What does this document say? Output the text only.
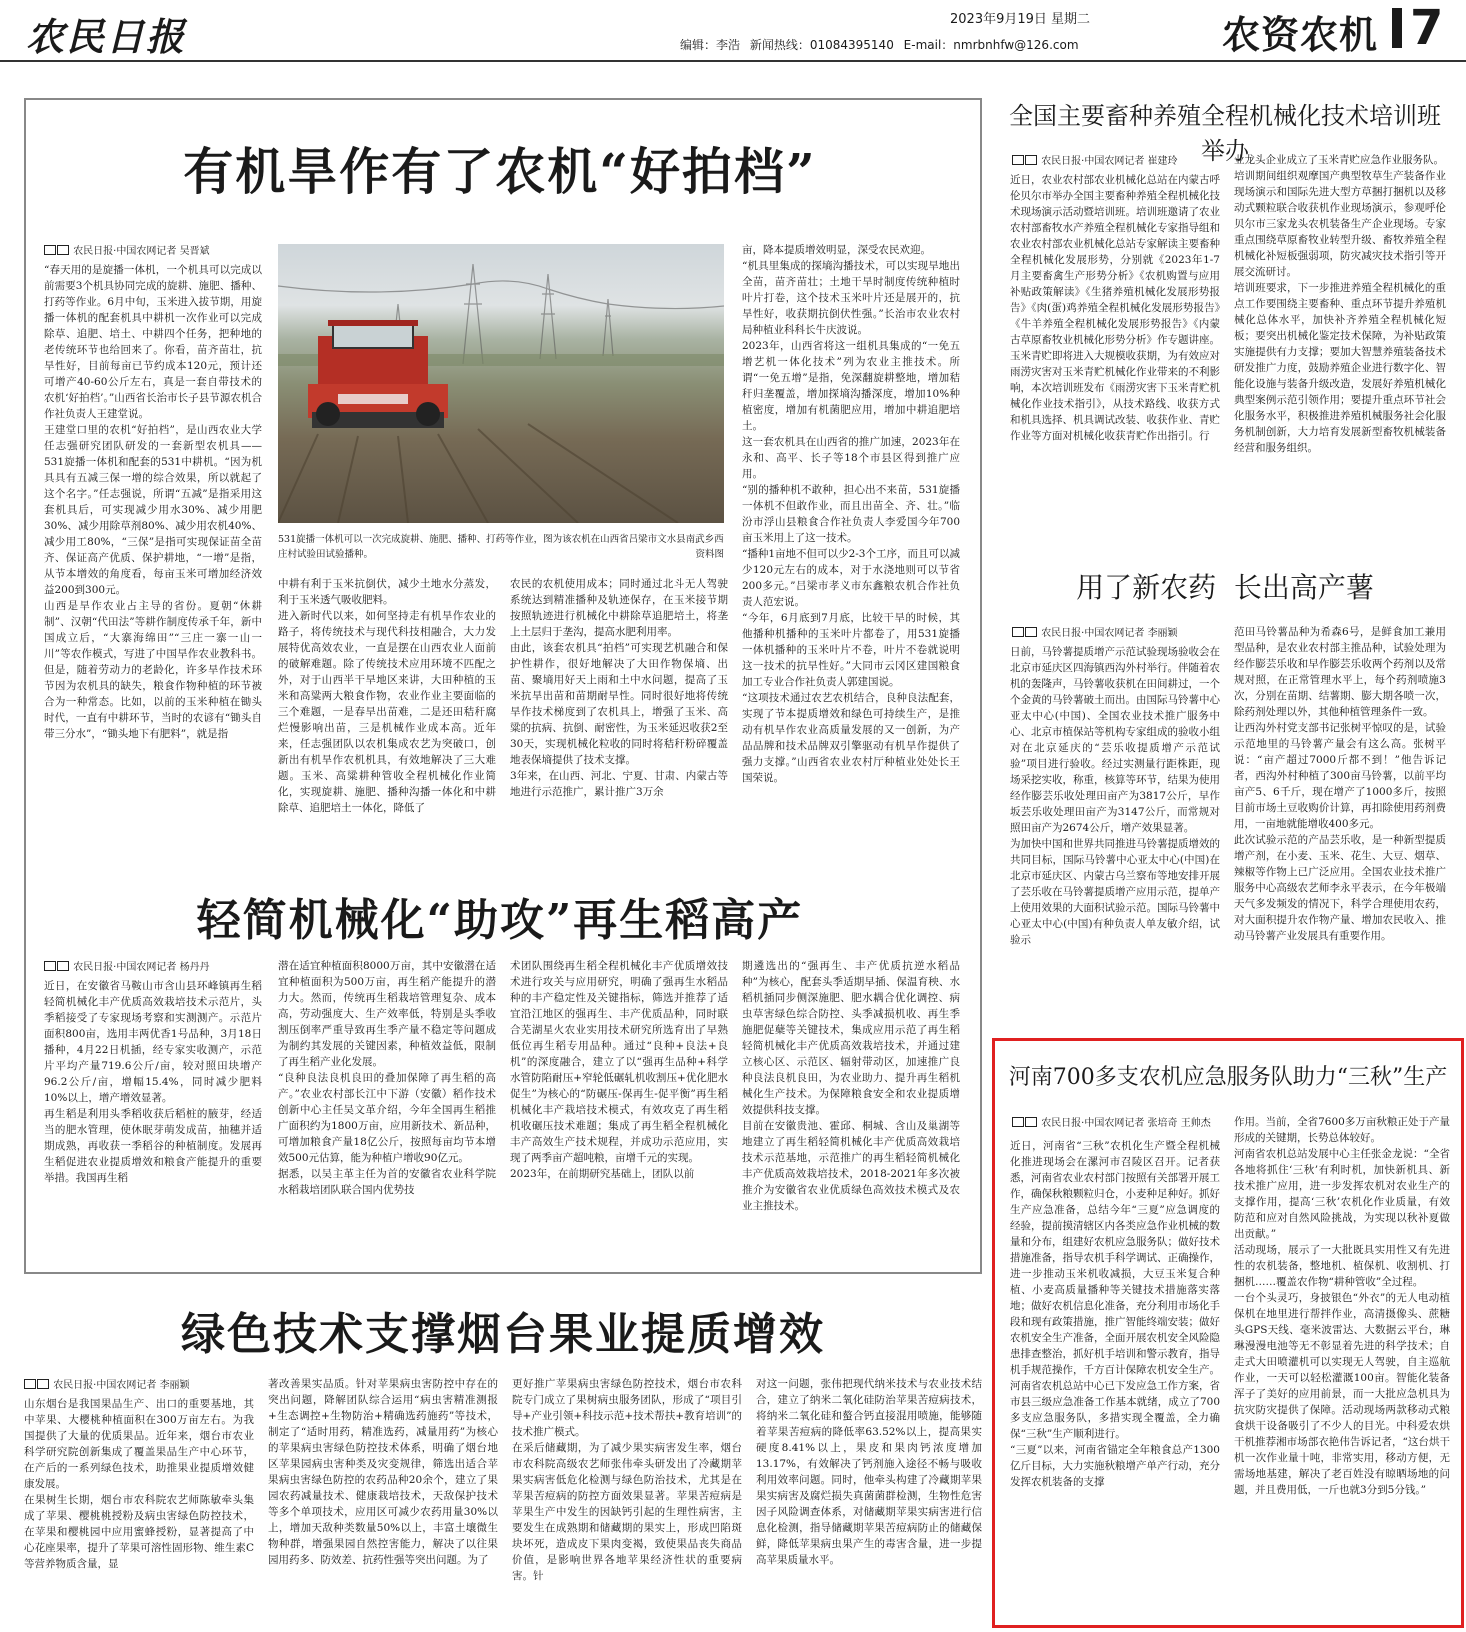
农民日报	2023年9月19日 星期二
编辑：李浩 新闻热线：01084395140 E-mail：nmrbnhfw@126.com	农资农机 7
有机旱作有了农机“好拍档”
农民日报·中国农网记者 吴晋斌
“春天用的是旋播一体机，一个机具可以完成以前需要3个机具协同完成的旋耕、施肥、播种、打药等作业。6月中旬，玉米进入拔节期，用旋播一体机的配套机具中耕机一次作业可以完成除草、追肥、培土、中耕四个任务，把种地的老传统环节也给回来了。你看，苗齐苗壮，抗旱性好，目前每亩已节约成本120元，预计还可增产40-60公斤左右，真是一套自带技术的农机‘好拍档’。”山西省长治市长子县节源农机合作社负责人王建堂说。
王建堂口里的农机“好拍档”，是山西农业大学任志强研究团队研发的一套新型农机具——531旋播一体机和配套的531中耕机。“因为机具具有五减三保一增的综合效果，所以就起了这个名字。”任志强说，所谓“五减”是指采用这套机具后，可实现减少用水30%、减少用肥30%、减少用除草剂80%、减少用农机40%、减少用工80%，“三保”是指可实现保证苗全苗齐、保证高产优质、保护耕地，“一增”是指，从节本增效的角度看，每亩玉米可增加经济效益200到300元。
山西是旱作农业占主导的省份。夏朝“休耕制”、汉朝“代田法”等耕作制度传承千年，新中国成立后，“大寨海绵田”“三庄一寨一山一川”等农作模式，写进了中国旱作农业教科书。但是，随着劳动力的老龄化，许多旱作技术环节因为农机具的缺失，粮食作物种植的环节被合为一种常态。比如，以前的玉米种植在锄头时代，一直有中耕环节，当时的农谚有“锄头自带三分水”，“锄头地下有肥料”，就是指
531旋播一体机可以一次完成旋耕、施肥、播种、打药等作业，图为该农机在山西省吕梁市文水县南武乡西庄村试验田试验播种。	资料图
中耕有利于玉米抗倒伏，减少土地水分蒸发，利于玉米透气吸收肥料。
进入新时代以来，如何坚持走有机旱作农业的路子，将传统技术与现代科技相融合，大力发展特优高效农业，一直是摆在山西农业人面前的破解难题。除了传统技术应用环境不匹配之外，对于山西半干旱地区来讲，大田种植的玉米和高粱两大粮食作物，农业作业主要面临的三个难题，一是春旱出苗难，二是还田秸秆腐烂慢影响出苗，三是机械作业成本高。近年来，任志强团队以农机集成农艺为突破口，创新出有机旱作农机机具，有效地解决了三大难题。玉米、高粱耕种管收全程机械化作业简化，实现旋耕、施肥、播种沟播一体化和中耕除草、追肥培土一体化，降低了
农民的农机使用成本；同时通过北斗无人驾驶系统达到精准播种及轨迹保存，在玉米接节期按照轨迹进行机械化中耕除草追肥培土，将垄上土层归于垄沟，提高水肥利用率。
由此，该套农机具“拍档”可实现艺机融合和保护性耕作，很好地解决了大田作物保墒、出苗、聚墒用好天上雨和土中水问题，提高了玉米抗旱出苗和苗期耐旱性。同时很好地将传统旱作技术梯度到了农机具上，增强了玉米、高粱的抗病、抗倒、耐密性，为玉米延迟收获2至30天，实现机械化粒收的同时将秸秆粉碎覆盖地表保墒提供了技术支撑。
3年来，在山西、河北、宁夏、甘肃、内蒙古等地进行示范推广，累计推广3万余
亩，降本提质增效明显，深受农民欢迎。
“机具里集成的探墒沟播技术，可以实现旱地出全苗，苗齐苗壮；土地干旱时制度传统种植时叶片打卷，这个技术玉米叶片还是展开的，抗旱性好，收获期抗倒伏性强。”长治市农业农村局种植业科科长牛庆波说。
2023年，山西省将这一组机具集成的“一免五增艺机一体化技术”列为农业主推技术。所谓“一免五增”是指，免深翻旋耕整地，增加秸秆归垄覆盖，增加探墒沟播深度，增加10%种植密度，增加有机菌肥应用，增加中耕追肥培土。
这一套农机具在山西省的推广加速，2023年在永和、高平、长子等18个市县区得到推广应用。
“别的播种机不敢种，担心出不来苗，531旋播一体机不但敢作业，而且出苗全、齐、壮。”临汾市浮山县粮食合作社负责人李爱国今年700亩玉米用上了这一技术。
“播种1亩地不但可以少2-3个工序，而且可以减少120元左右的成本，对于水浇地则可以节省200多元。”吕梁市孝义市东鑫粮农机合作社负责人范宏说。
“今年，6月底到7月底，比较干旱的时候，其他播种机播种的玉米叶片都卷了，用531旋播一体机播种的玉米叶片不卷，叶片不卷就说明这一技术的抗旱性好。”大同市云冈区建国粮食加工专业合作社负责人郭建国说。
“这项技术通过农艺农机结合，良种良法配套，实现了节本提质增效和绿色可持续生产，是推动有机旱作农业高质量发展的又一创新，为产品品牌和技术品牌双引擎驱动有机旱作提供了强力支撑。”山西省农业农村厅种植业处处长王国荣说。
轻简机械化“助攻”再生稻高产
农民日报·中国农网记者 杨丹丹
近日，在安徽省马鞍山市含山县环峰镇再生稻轻简机械化丰产优质高效栽培技术示范片，头季稻接受了专家现场考察和实测测产。示范片面积800亩，选用丰两优香1号品种，3月18日播种，4月22日机插，经专家实收测产，示范片平均产量719.6公斤/亩，较对照田块增产96.2公斤/亩，增幅15.4%，同时减少肥料10%以上，增产增效显著。
再生稻是利用头季稻收获后稻桩的腋芽，经适当的肥水管理，使休眠芽萌发成苗，抽穗并适期成熟，再收获一季稻谷的种植制度。发展再生稻促进农业提质增效和粮食产能提升的重要举措。我国再生稻
潜在适宜种植面积8000万亩，其中安徽潜在适宜种植面积为500万亩，再生稻产能提升的潜力大。然而，传统再生稻栽培管理复杂、成本高，劳动强度大、生产效率低，特别是头季收割压倒率严重导致再生季产量不稳定等问题成为制约其发展的关键因素，种植效益低，限制了再生稻产业化发展。
“良种良法良机良田的叠加保障了再生稻的高产。”农业农村部长江中下游（安徽）稻作技术创新中心主任吴文革介绍，今年全国再生稻推广面积约为1800万亩，应用新技术、新品种，可增加粮食产量18亿公斤，按照每亩均节本增效500元估算，能为种植户增收90亿元。
据悉，以吴主革主任为首的安徽省农业科学院水稻栽培团队联合国内优势技
术团队围绕再生稻全程机械化丰产优质增效技术进行攻关与应用研究，明确了强再生水稻品种的丰产稳定性及关键指标，筛选并推荐了适宜沿江地区的强再生、丰产优质品种，同时联合芜湖星火农业实用技术研究所选育出了早熟低位再生稻专用品种。通过“良种+良法+良机”的深度融合，建立了以“强再生品种+科学水管防陷耐压+窄轮低碾轧机收割压+优化肥水促生”为核心的“防碾压-保再生-促平衡”再生稻机械化丰产栽培技术模式，有效攻克了再生稻机收碾压技术难题；集成了再生稻全程机械化丰产高效生产技术规程，并成功示范应用，实现了两季亩产超吨粮，亩增千元的实现。
2023年，在前期研究基础上，团队以前
期遴选出的“强再生、丰产优质抗逆水稻品种”为核心，配套头季适期早插、保温育秧、水稻机插同步侧深施肥、肥水耦合优化调控、病虫草害绿色综合防控、头季减损机收、再生季施肥促蘖等关键技术，集成应用示范了再生稻轻简机械化丰产优质高效栽培技术，并通过建立核心区、示范区、辐射带动区，加速推广良种良法良机良田，为农业助力、提升再生稻机械化生产技术。为保障粮食安全和农业提质增效提供科技支撑。
目前在安徽贵池、霍邱、桐城、含山及巢湖等地建立了再生稻轻简机械化丰产优质高效栽培技术示范基地，示范推广的再生稻轻简机械化丰产优质高效栽培技术，2018-2021年多次被推介为安徽省农业优质绿色高效技术模式及农业主推技术。
绿色技术支撑烟台果业提质增效
农民日报·中国农网记者 李丽颖
山东烟台是我国果品生产、出口的重要基地，其中苹果、大樱桃种植面积在300万亩左右。为我国提供了大量的优质果品。近年来，烟台市农业科学研究院创新集成了覆盖果品生产中心环节，在产后的一系列绿色技术，助推果业提质增效健康发展。
在果树生长期，烟台市农科院农艺师陈敏牵头集成了苹果、樱桃桃授粉及病虫害绿色防控技术，在苹果和樱桃园中应用蜜蜂授粉，显著提高了中心花座果率，提升了苹果可溶性固形物、维生素C等营养物质含量，显
著改善果实品质。针对苹果病虫害防控中存在的突出问题，降解团队综合运用“病虫害精准测报+生态调控+生物防治+精确选药施药”等技术，制定了“适时用药，精准选药，减量用药”为核心的苹果病虫害绿色防控技术体系，明确了烟台地区苹果园病虫害种类及灾变规律，筛选出适合苹果病虫害绿色防控的农药品种20余个，建立了果园农药减量技术、健康栽培技术，天敌保护技术等多个单项技术，应用区可减少农药用量30%以上，增加天敌种类数量50%以上，丰富土壤微生物种群，增强果园自然控害能力，解决了以往果园用药多、防效差、抗药性强等突出问题。为了
更好推广苹果病虫害绿色防控技术，烟台市农科院专门成立了果树病虫服务团队，形成了“项目引导+产业引领+科技示范+技术帮扶+教育培训”的技术推广模式。
在采后储藏期，为了减少果实病害发生率，烟台市农科院高级农艺师张伟牵头研发出了冷藏期苹果实病害低危化检测与绿色防治技术，尤其是在苹果苦痘病的防控方面效果显著。苹果苦痘病是苹果生产中发生的因缺钙引起的生理性病害，主要发生在成熟期和储藏期的果实上，形成凹陷斑块坏死，造成皮下果肉变褐，致使果品丧失商品价值，是影响世界各地苹果经济性状的重要病害。针
对这一问题，张伟把现代纳米技术与农业技术结合，建立了纳米二氧化硅防治苹果苦痘病技术，将纳米二氧化硅和螯合钙直接混用喷施，能够随着苹果苦痘病的降低率63.52%以上，提高果实硬度8.41%以上，果皮和果肉钙浓度增加13.17%，有效解决了钙剂施入途径不畅与吸收利用效率问题。同时，他牵头构建了冷藏期苹果果实病害及腐烂损失真菌菌群检测，生物性危害因子风险调查体系，对储藏期苹果实病害进行信息化检测，指导储藏期苹果苦痘病防止的储藏保鲜，降低苹果病虫果产生的毒害含量，进一步提高苹果质量水平。
全国主要畜种养殖全程机械化技术培训班举办
农民日报·中国农网记者 崔建玲
近日，农业农村部农业机械化总站在内蒙古呼伦贝尔市举办全国主要畜种养殖全程机械化技术现场演示活动暨培训班。培训班邀请了农业农村部畜牧水产养殖全程机械化专家指导组和农业农村部农业机械化总站专家解读主要畜种全程机械化发展形势，分别就《2023年1-7月主要畜禽生产形势分析》《农机购置与应用补贴政策解读》《生猪养殖机械化发展形势报告》《肉(蛋)鸡养殖全程机械化发展形势报告》《牛羊养殖全程机械化发展形势报告》《内蒙古草原畜牧业机械化形势分析》作专题讲座。
玉米青贮即将进入大规模收获期，为有效应对雨涝灾害对玉米青贮机械化作业带来的不利影响，本次培训班发布《雨涝灾害下玉米青贮机械化作业技术指引》，从技术路线、收获方式和机具选择、机具调试改装、收获作业、青贮作业等方面对机械化收获青贮作出指引。行
业龙头企业成立了玉米青贮应急作业服务队。
培训期间组织观摩国产典型牧草生产装备作业现场演示和国际先进大型方草捆打捆机以及移动式颗粒联合收获机作业现场演示，参观呼伦贝尔市三家龙头农机装备生产企业现场。专家重点围绕草原畜牧业转型升级、畜牧养殖全程机械化补短板强弱项，防灾减灾技术指引等开展交流研讨。
培训班要求，下一步推进养殖全程机械化的重点工作要围绕主要畜种、重点环节提升养殖机械化总体水平，加快补齐养殖全程机械化短板；要突出机械化鉴定技术保障，为补贴政策实施提供有力支撑；要加大智慧养殖装备技术研发推广力度，鼓励养殖企业进行数字化、智能化设施与装备升级改造，发展好养殖机械化典型案例示范引领作用；要提升重点环节社会化服务水平，积极推进养殖机械服务社会化服务机制创新，大力培育发展新型畜牧机械装备经营和服务组织。
用了新农药  长出高产薯
农民日报·中国农网记者 李丽颖
日前，马铃薯提质增产示范试验现场验收会在北京市延庆区四海镇西沟外村举行。伴随着农机的轰隆声，马铃薯收获机在田间耕过，一个个金黄的马铃薯破土而出。由国际马铃薯中心亚太中心(中国)、全国农业技术推广服务中心、北京市植保站等机构专家组成的验收小组对在北京延庆的“芸乐收提质增产示范试验”项目进行验收。经过实测量行距株距，现场采挖实收，称重，核算等环节，结果为使用经作膨芸乐收处理田亩产为3817公斤，早作坂芸乐收处理田亩产为3147公斤，而常规对照田亩产为2674公斤，增产效果显著。
为加快中国和世界共同推进马铃薯提质增效的共同目标，国际马铃薯中心亚太中心(中国)在北京市延庆区、内蒙古乌兰察布等地安排开展了芸乐收在马铃薯提质增产应用示范，提单产上使用效果的大面积试验示范。国际马铃薯中心亚太中心(中国)有种负责人单友敏介绍，试验示
范田马铃薯品种为希森6号，是鲜食加工兼用型品种，是农业农村部主推品种，试验处理为经作膨芸乐收和早作膨芸乐收两个药剂以及常规对照，在正常管理水平上，每个药剂喷施3次，分别在苗期、结薯期、膨大期各喷一次，除药剂处理以外，其他种植管理条件一致。
让西沟外村党支部书记张树平惊叹的是，试验示范地里的马铃薯产量会有这么高。张树平说：“亩产超过7000斤都不到！”他告诉记者，西沟外村种植了300亩马铃薯，以前平均亩产5、6千斤，现在增产了1000多斤，按照目前市场土豆收购价计算，再扣除使用药剂费用，一亩地就能增收400多元。
此次试验示范的产品芸乐收，是一种新型提质增产剂，在小麦、玉米、花生、大豆、烟草、辣椒等作物上已广泛应用。全国农业技术推广服务中心高级农艺师李永平表示，在今年极端天气多发频发的情况下，科学合理使用农药，对大面积提升农作物产量、增加农民收入、推动马铃薯产业发展具有重要作用。
河南700多支农机应急服务队助力“三秋”生产
农民日报·中国农网记者 张培奇 王帅杰
近日，河南省“三秋”农机化生产暨全程机械化推进现场会在漯河市召陵区召开。记者获悉，河南省农业农村部门按照有关部署开展工作，确保秋粮颗粒归仓，小麦种足种好。抓好生产应急准备，总结今年“三夏”应急调度的经验，提前摸清辖区内各类应急作业机械的数量和分布，组建好农机应急服务队；做好技术措施准备，指导农机手科学调试、正确操作，进一步推动玉米机收减损，大豆玉米复合种植、小麦高质量播种等关键技术措施落实落地；做好农机信息化准备，充分利用市场化手段和现有政策措施，推广智能终端安装；做好农机安全生产准备，全面开展农机安全风险隐患排查整治，抓好机手培训和警示教育，指导机手规范操作，千方百计保障农机安全生产。河南省农机总站中心已下发应急工作方案，省市县三级应急准备工作基本就绪，成立了700多支应急服务队，多措实现全覆盖，全力确保“三秋”生产顺利进行。
“三夏”以来，河南省锚定全年粮食总产1300亿斤目标，大力实施秋粮增产单产行动，充分发挥农机装备的支撑
作用。当前，全省7600多万亩秋粮正处于产量形成的关键期，长势总体较好。
河南省农机总站发展中心主任张金龙说：“全省各地将抓住‘三秋’有利时机，加快新机具、新技术推广应用，进一步发挥农机对农业生产的支撑作用，提高‘三秋’农机化作业质量，有效防范和应对自然风险挑战，为实现以秋补夏做出贡献。”
活动现场，展示了一大批既具实用性又有先进性的农机装备，整地机、植保机、收割机、打捆机……覆盖农作物“耕种管收”全过程。
一台个头灵巧，身披银色“外衣”的无人电动植保机在地里进行帮拌作业，高清摄像头、蔗糖头GPS天线、毫米波雷达、大数据云平台，琳琳漫漫电池等无不彰显着先进的科学技术；自走式大田喷灌机可以实现无人驾驶，自主巡航作业，一天可以轻松灌溉100亩。智能化装备浑子了美好的应用前景，而一大批应急机具为抗灾防灾提供了保障。活动现场两款移动式粮食烘干设备吸引了不少人的目光。中科爱农烘干机推荐湘市场部衣艳伟告诉记者，“这台烘干机一次作业量十吨，非常实用，移动方便，无需场地基建，解决了老百姓没有晾晒场地的问题，并且费用低，一斤也就3分到5分钱。”
